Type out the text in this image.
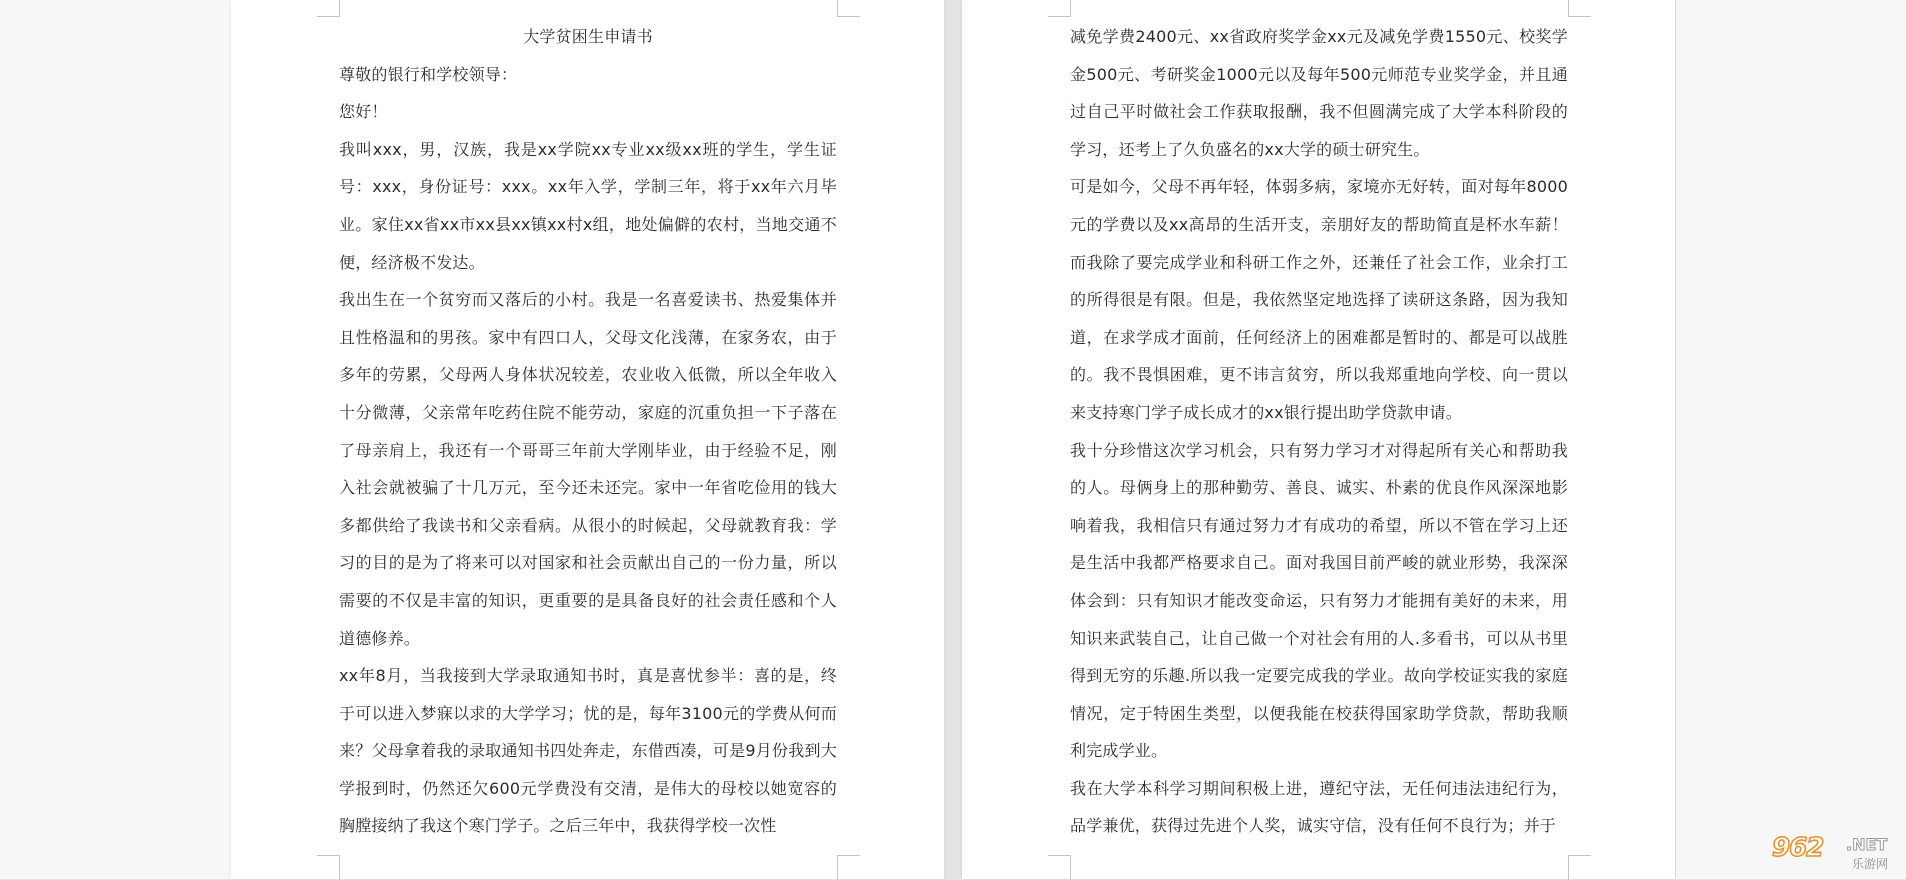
大学贫困生申请书

尊敬的银行和学校领导：

您好！

我叫xxx，男，汉族，我是xx学院xx专业xx级xx班的学生，学生证号：xxx，身份证号：xxx。xx年入学，学制三年，将于xx年六月毕业。家住xx省xx市xx县xx镇xx村x组，地处偏僻的农村，当地交通不便，经济极不发达。

我出生在一个贫穷而又落后的小村。我是一名喜爱读书、热爱集体并且性格温和的男孩。家中有四口人，父母文化浅薄，在家务农，由于多年的劳累，父母两人身体状况较差，农业收入低微，所以全年收入十分微薄，父亲常年吃药住院不能劳动，家庭的沉重负担一下子落在了母亲肩上，我还有一个哥哥三年前大学刚毕业，由于经验不足，刚入社会就被骗了十几万元，至今还未还完。家中一年省吃俭用的钱大多都供给了我读书和父亲看病。从很小的时候起，父母就教育我：学习的目的是为了将来可以对国家和社会贡献出自己的一份力量，所以需要的不仅是丰富的知识，更重要的是具备良好的社会责任感和个人道德修养。

xx年8月，当我接到大学录取通知书时，真是喜忧参半：喜的是，终于可以进入梦寐以求的大学学习；忧的是，每年3100元的学费从何而来？父母拿着我的录取通知书四处奔走，东借西凑，可是9月份我到大学报到时，仍然还欠600元学费没有交清，是伟大的母校以她宽容的胸膛接纳了我这个寒门学子。之后三年中，我获得学校一次性

减免学费2400元、xx省政府奖学金xx元及减免学费1550元、校奖学金500元、考研奖金1000元以及每年500元师范专业奖学金，并且通过自己平时做社会工作获取报酬，我不但圆满完成了大学本科阶段的学习，还考上了久负盛名的xx大学的硕士研究生。

可是如今，父母不再年轻，体弱多病，家境亦无好转，面对每年8000元的学费以及xx高昂的生活开支，亲朋好友的帮助简直是杯水车薪！而我除了要完成学业和科研工作之外，还兼任了社会工作，业余打工的所得很是有限。但是，我依然坚定地选择了读研这条路，因为我知道，在求学成才面前，任何经济上的困难都是暂时的、都是可以战胜的。我不畏惧困难，更不讳言贫穷，所以我郑重地向学校、向一贯以来支持寒门学子成长成才的xx银行提出助学贷款申请。

我十分珍惜这次学习机会，只有努力学习才对得起所有关心和帮助我的人。母俩身上的那种勤劳、善良、诚实、朴素的优良作风深深地影响着我，我相信只有通过努力才有成功的希望，所以不管在学习上还是生活中我都严格要求自己。面对我国目前严峻的就业形势，我深深体会到：只有知识才能改变命运，只有努力才能拥有美好的未来，用知识来武装自己，让自己做一个对社会有用的人.多看书，可以从书里得到无穷的乐趣.所以我一定要完成我的学业。故向学校证实我的家庭情况，定于特困生类型，以便我能在校获得国家助学贷款，帮助我顺利完成学业。

我在大学本科学习期间积极上进，遵纪守法，无任何违法违纪行为，品学兼优，获得过先进个人奖，诚实守信，没有任何不良行为；并于

962 .NET
乐游网
